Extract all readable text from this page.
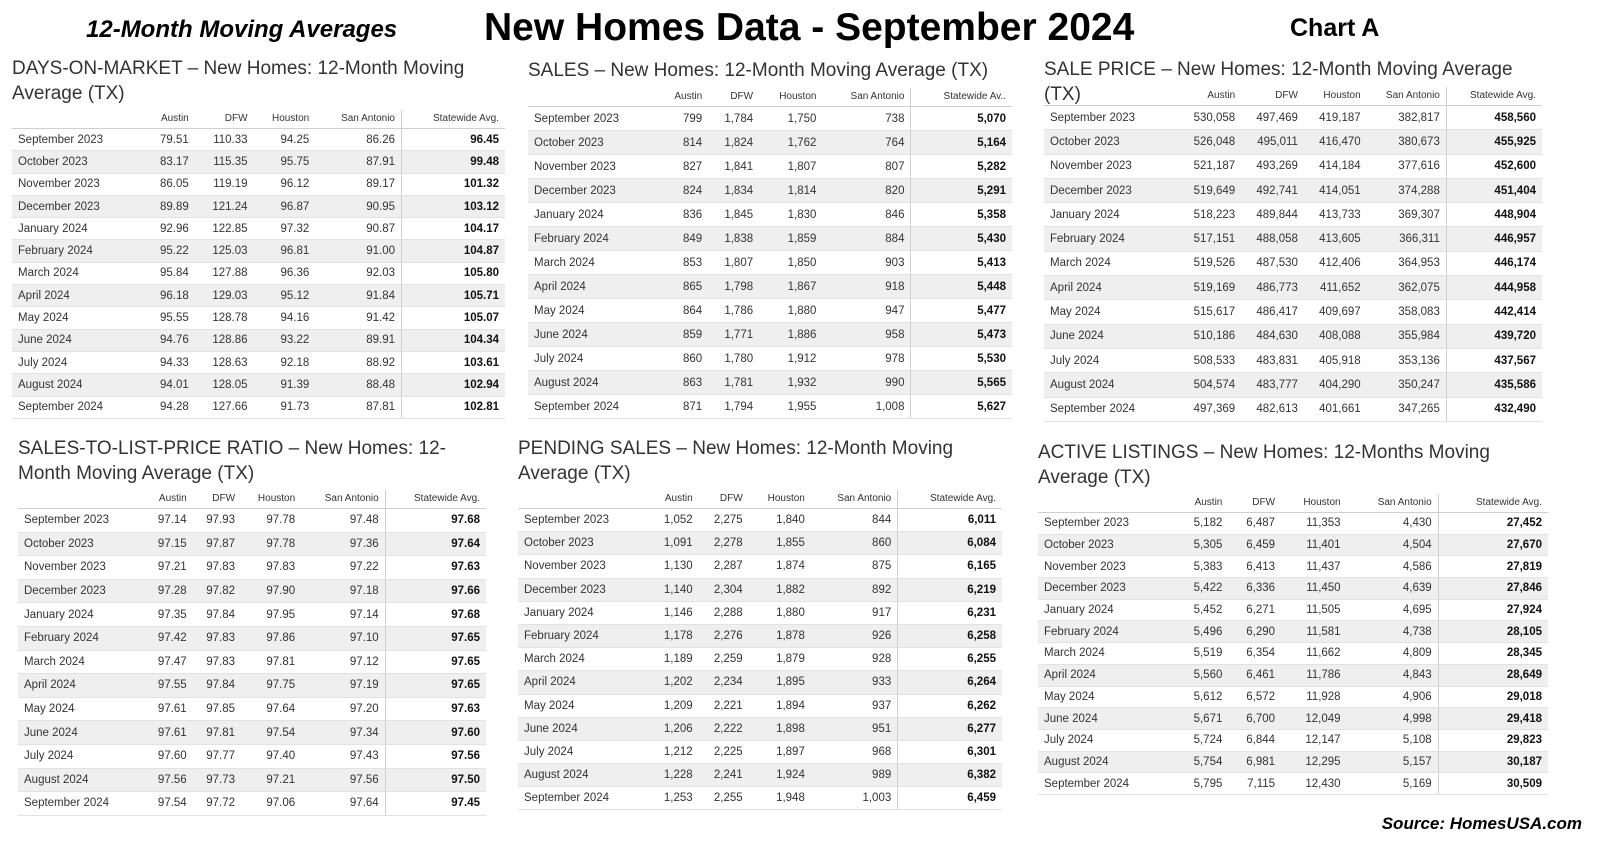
12-Month Moving Averages New Homes Data - September 2024	Chart A
DAYS-ON-MARKET – New Homes: 12-Month Moving Average (TX)
	Austin	DFW	Houston	San Antonio	Statewide Avg.
September 2023	79.51	110.33	94.25	86.26	96.45
October 2023	83.17	115.35	95.75	87.91	99.48
November 2023	86.05	119.19	96.12	89.17	101.32
December 2023	89.89	121.24	96.87	90.95	103.12
January 2024	92.96	122.85	97.32	90.87	104.17
February 2024	95.22	125.03	96.81	91.00	104.87
March 2024	95.84	127.88	96.36	92.03	105.80
April 2024	96.18	129.03	95.12	91.84	105.71
May 2024	95.55	128.78	94.16	91.42	105.07
June 2024	94.76	128.86	93.22	89.91	104.34
July 2024	94.33	128.63	92.18	88.92	103.61
August 2024	94.01	128.05	91.39	88.48	102.94
September 2024	94.28	127.66	91.73	87.81	102.81
SALES – New Homes: 12-Month Moving Average (TX)
	Austin	DFW	Houston	San Antonio	Statewide Av..
September 2023	799	1,784	1,750	738	5,070
October 2023	814	1,824	1,762	764	5,164
November 2023	827	1,841	1,807	807	5,282
December 2023	824	1,834	1,814	820	5,291
January 2024	836	1,845	1,830	846	5,358
February 2024	849	1,838	1,859	884	5,430
March 2024	853	1,807	1,850	903	5,413
April 2024	865	1,798	1,867	918	5,448
May 2024	864	1,786	1,880	947	5,477
June 2024	859	1,771	1,886	958	5,473
July 2024	860	1,780	1,912	978	5,530
August 2024	863	1,781	1,932	990	5,565
September 2024	871	1,794	1,955	1,008	5,627
SALE PRICE – New Homes: 12-Month Moving Average (TX)
		Austin	DFW	Houston	San Antonio	Statewide Avg.
September 2023	530,058	497,469	419,187	382,817	458,560
October 2023	526,048	495,011	416,470	380,673	455,925
November 2023	521,187	493,269	414,184	377,616	452,600
December 2023	519,649	492,741	414,051	374,288	451,404
January 2024	518,223	489,844	413,733	369,307	448,904
February 2024	517,151	488,058	413,605	366,311	446,957
March 2024	519,526	487,530	412,406	364,953	446,174
April 2024	519,169	486,773	411,652	362,075	444,958
May 2024	515,617	486,417	409,697	358,083	442,414
June 2024	510,186	484,630	408,088	355,984	439,720
July 2024	508,533	483,831	405,918	353,136	437,567
August 2024	504,574	483,777	404,290	350,247	435,586
September 2024	497,369	482,613	401,661	347,265	432,490
SALES-TO-LIST-PRICE RATIO – New Homes: 12-Month Moving Average (TX)
	Austin	DFW	Houston	San Antonio	Statewide Avg.
September 2023	97.14	97.93	97.78	97.48	97.68
October 2023	97.15	97.87	97.78	97.36	97.64
November 2023	97.21	97.83	97.83	97.22	97.63
December 2023	97.28	97.82	97.90	97.18	97.66
January 2024	97.35	97.84	97.95	97.14	97.68
February 2024	97.42	97.83	97.86	97.10	97.65
March 2024	97.47	97.83	97.81	97.12	97.65
April 2024	97.55	97.84	97.75	97.19	97.65
May 2024	97.61	97.85	97.64	97.20	97.63
June 2024	97.61	97.81	97.54	97.34	97.60
July 2024	97.60	97.77	97.40	97.43	97.56
August 2024	97.56	97.73	97.21	97.56	97.50
September 2024	97.54	97.72	97.06	97.64	97.45
PENDING SALES – New Homes: 12-Month Moving Average (TX)
	Austin	DFW	Houston	San Antonio	Statewide Avg.
September 2023	1,052	2,275	1,840	844	6,011
October 2023	1,091	2,278	1,855	860	6,084
November 2023	1,130	2,287	1,874	875	6,165
December 2023	1,140	2,304	1,882	892	6,219
January 2024	1,146	2,288	1,880	917	6,231
February 2024	1,178	2,276	1,878	926	6,258
March 2024	1,189	2,259	1,879	928	6,255
April 2024	1,202	2,234	1,895	933	6,264
May 2024	1,209	2,221	1,894	937	6,262
June 2024	1,206	2,222	1,898	951	6,277
July 2024	1,212	2,225	1,897	968	6,301
August 2024	1,228	2,241	1,924	989	6,382
September 2024	1,253	2,255	1,948	1,003	6,459
ACTIVE LISTINGS – New Homes: 12-Months Moving Average (TX)
	Austin	DFW	Houston	San Antonio	Statewide Avg.
September 2023	5,182	6,487	11,353	4,430	27,452
October 2023	5,305	6,459	11,401	4,504	27,670
November 2023	5,383	6,413	11,437	4,586	27,819
December 2023	5,422	6,336	11,450	4,639	27,846
January 2024	5,452	6,271	11,505	4,695	27,924
February 2024	5,496	6,290	11,581	4,738	28,105
March 2024	5,519	6,354	11,662	4,809	28,345
April 2024	5,560	6,461	11,786	4,843	28,649
May 2024	5,612	6,572	11,928	4,906	29,018
June 2024	5,671	6,700	12,049	4,998	29,418
July 2024	5,724	6,844	12,147	5,108	29,823
August 2024	5,754	6,981	12,295	5,157	30,187
September 2024	5,795	7,115	12,430	5,169	30,509
Source: HomesUSA.com
